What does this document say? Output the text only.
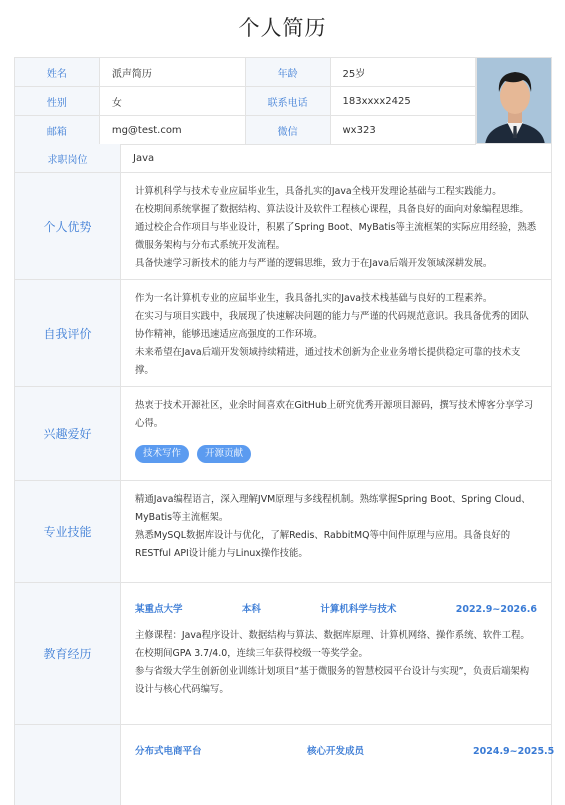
个人简历
姓名	派声简历	年龄	25岁
性别	女	联系电话	183xxxx2425
邮箱	mg@test.com	微信	wx323
求职岗位	Java
个人优势

计算机科学与技术专业应届毕业生，具备扎实的Java全栈开发理论基础与工程实践能力。

在校期间系统掌握了数据结构、算法设计及软件工程核心课程，具备良好的面向对象编程思维。通过校企合作项目与毕业设计，积累了Spring Boot、MyBatis等主流框架的实际应用经验，熟悉微服务架构与分布式系统开发流程。

具备快速学习新技术的能力与严谨的逻辑思维，致力于在Java后端开发领域深耕发展。

自我评价

作为一名计算机专业的应届毕业生，我具备扎实的Java技术栈基础与良好的工程素养。

在实习与项目实践中，我展现了快速解决问题的能力与严谨的代码规范意识。我具备优秀的团队协作精神，能够迅速适应高强度的工作环境。

未来希望在Java后端开发领域持续精进，通过技术创新为企业业务增长提供稳定可靠的技术支撑。

兴趣爱好

热衷于技术开源社区，业余时间喜欢在GitHub上研究优秀开源项目源码，撰写技术博客分享学习心得。

技术写作	开源贡献
专业技能

精通Java编程语言，深入理解JVM原理与多线程机制。熟练掌握Spring Boot、Spring Cloud、MyBatis等主流框架。

熟悉MySQL数据库设计与优化，了解Redis、RabbitMQ等中间件原理与应用。具备良好的RESTful API设计能力与Linux操作技能。

教育经历
某重点大学	本科	计算机科学与技术	2022.9~2026.6

主修课程：Java程序设计、数据结构与算法、数据库原理、计算机网络、操作系统、软件工程。在校期间GPA 3.7/4.0，连续三年获得校级一等奖学金。

参与省级大学生创新创业训练计划项目“基于微服务的智慧校园平台设计与实现”，负责后端架构设计与核心代码编写。

分布式电商平台	核心开发成员	2024.9~2025.5
